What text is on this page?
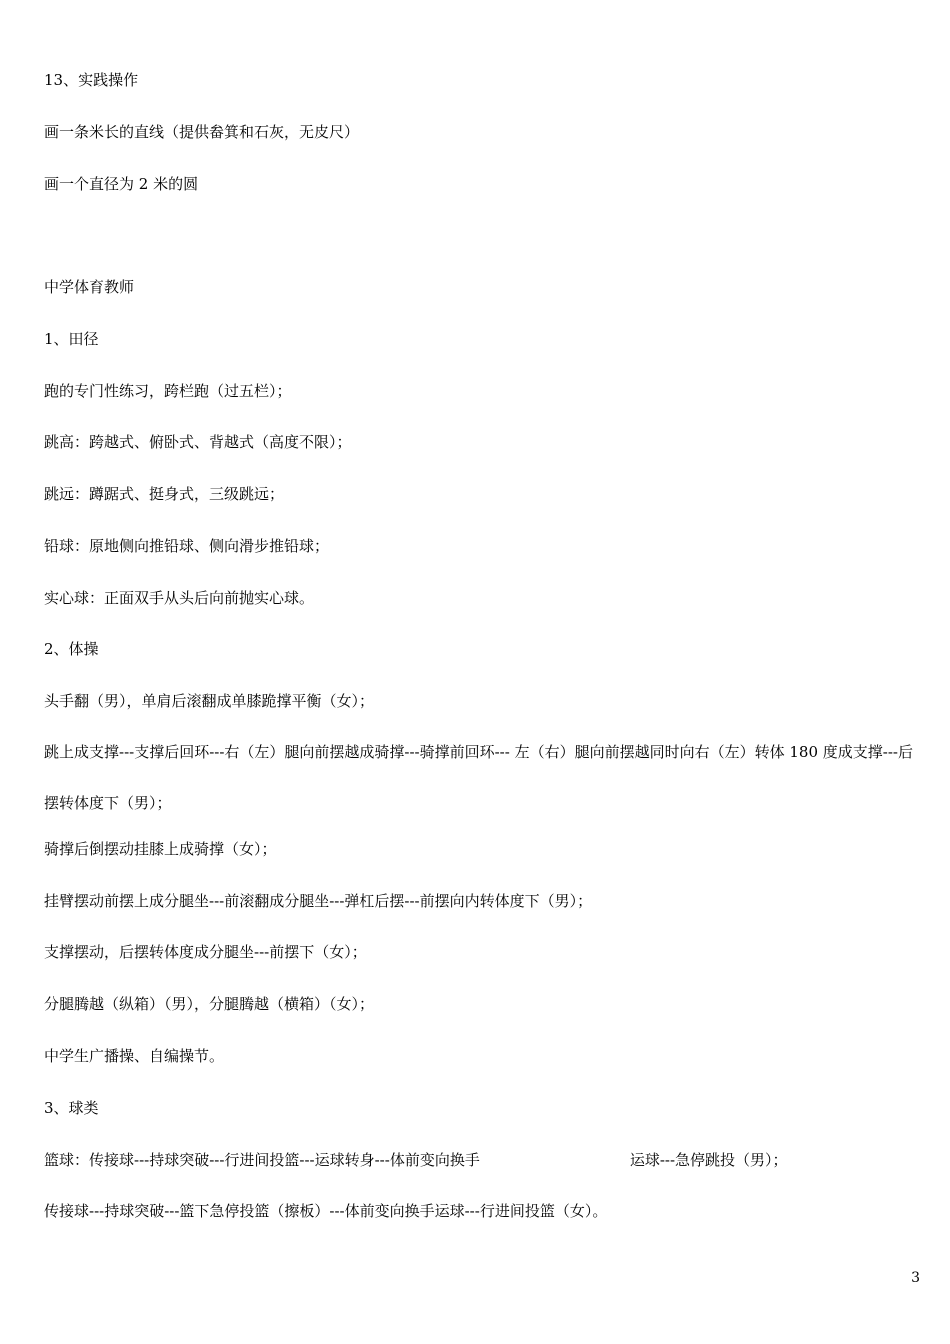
13、实践操作
画一条米长的直线（提供畚箕和石灰，无皮尺）
画一个直径为 2 米的圆
中学体育教师
1、田径
跑的专门性练习，跨栏跑（过五栏）；
跳高：跨越式、俯卧式、背越式（高度不限）；
跳远：蹲踞式、挺身式，三级跳远；
铅球：原地侧向推铅球、侧向滑步推铅球；
实心球：正面双手从头后向前抛实心球。
2、体操
头手翻（男），单肩后滚翻成单膝跪撑平衡（女）；
跳上成支撑---支撑后回环---右（左）腿向前摆越成骑撑---骑撑前回环--- 左（右）腿向前摆越同时向右（左）转体 180 度成支撑---后摆转体度下（男）；
骑撑后倒摆动挂膝上成骑撑（女）；
挂臂摆动前摆上成分腿坐---前滚翻成分腿坐---弹杠后摆---前摆向内转体度下（男）；
支撑摆动，后摆转体度成分腿坐---前摆下（女）；
分腿腾越（纵箱）（男），分腿腾越（横箱）（女）；
中学生广播操、自编操节。
3、球类
篮球：传接球---持球突破---行进间投篮---运球转身---体前变向换手	运球---急停跳投（男）；
传接球---持球突破---篮下急停投篮（擦板）---体前变向换手运球---行进间投篮（女）。
3
